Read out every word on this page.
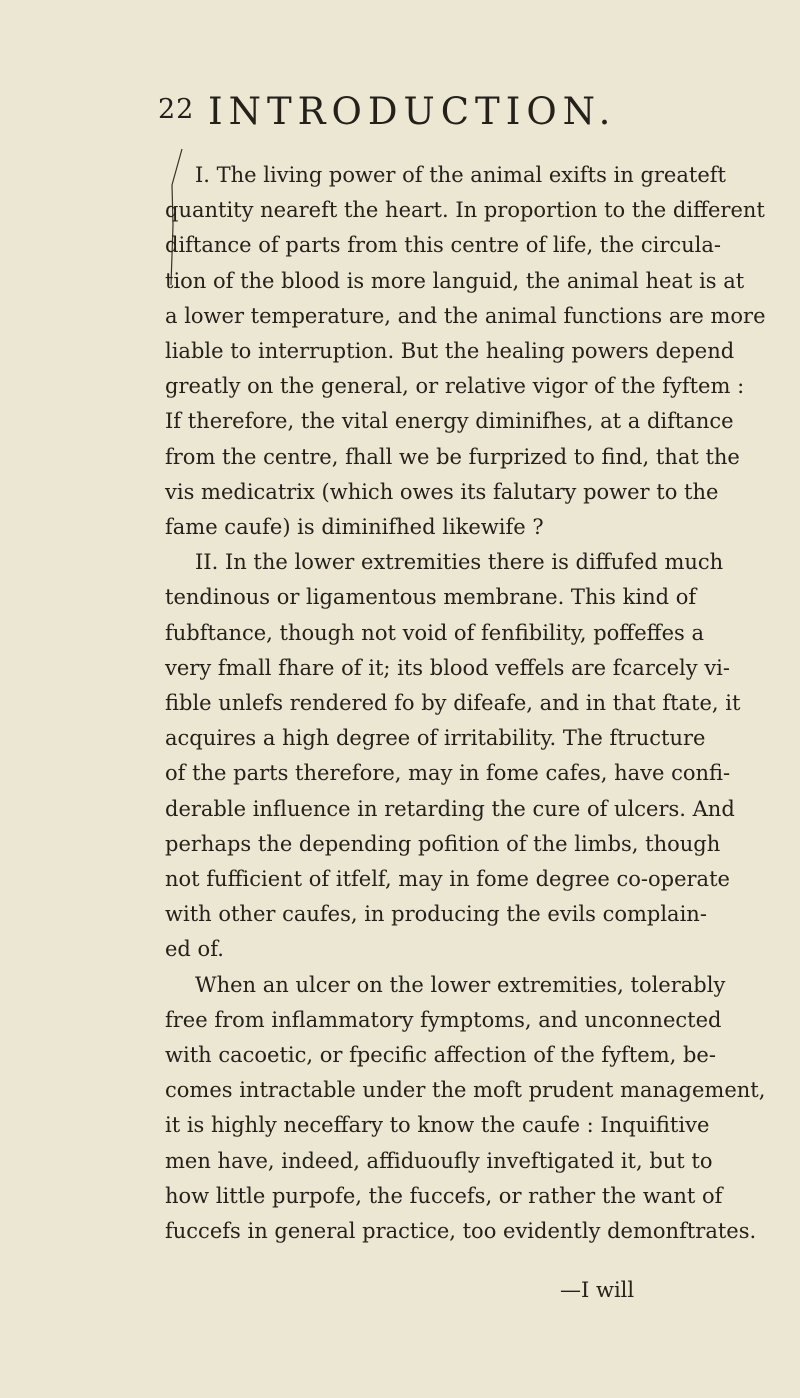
22 INTRODUCTION.
I. The living power of the animal exifts in greateft
quantity neareft the heart. In proportion to the different
diftance of parts from this centre of life, the circula-
tion of the blood is more languid, the animal heat is at
a lower temperature, and the animal functions are more
liable to interruption. But the healing powers depend
greatly on the general, or relative vigor of the fyftem :
If therefore, the vital energy diminifhes, at a diftance
from the centre, fhall we be furprized to find, that the
vis medicatrix (which owes its falutary power to the
fame caufe) is diminifhed likewife ?
II. In the lower extremities there is diffufed much
tendinous or ligamentous membrane. This kind of
fubftance, though not void of fenfibility, poffeffes a
very fmall fhare of it; its blood veffels are fcarcely vi-
fible unlefs rendered fo by difeafe, and in that ftate, it
acquires a high degree of irritability. The ftructure
of the parts therefore, may in fome cafes, have confi-
derable influence in retarding the cure of ulcers. And
perhaps the depending pofition of the limbs, though
not fufficient of itfelf, may in fome degree co-operate
with other caufes, in producing the evils complain-
ed of.
When an ulcer on the lower extremities, tolerably
free from inflammatory fymptoms, and unconnected
with cacoetic, or fpecific affection of the fyftem, be-
comes intractable under the moft prudent management,
it is highly neceffary to know the caufe : Inquifitive
men have, indeed, affiduoufly inveftigated it, but to
how little purpofe, the fuccefs, or rather the want of
fuccefs in general practice, too evidently demonftrates.
—I will
